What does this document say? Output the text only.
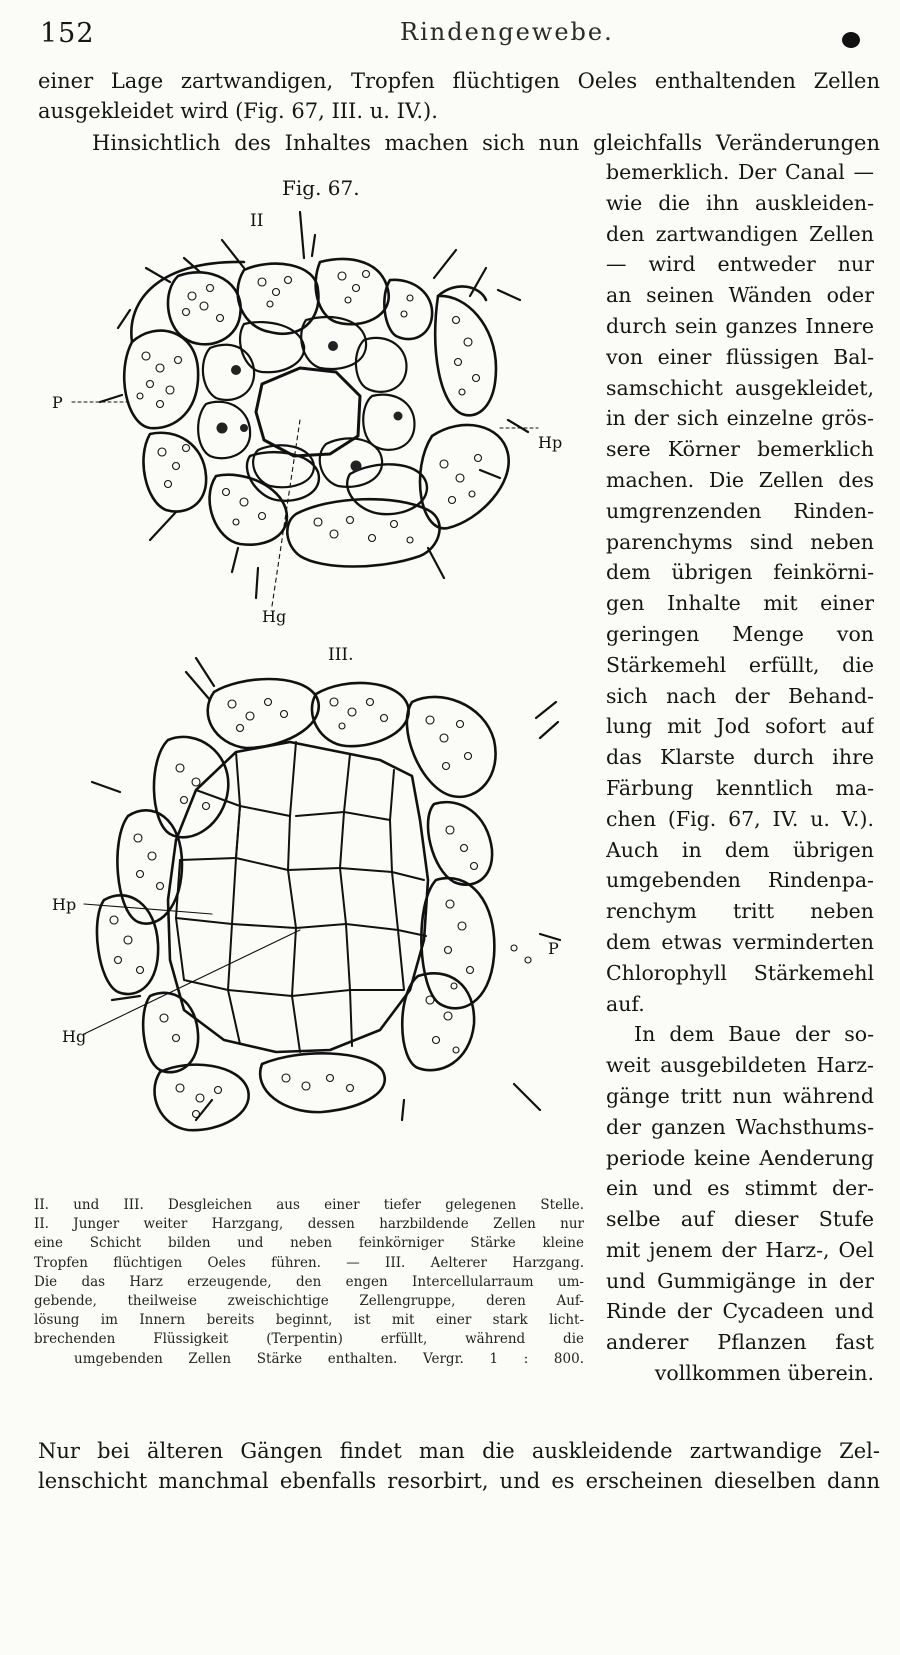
152	Rindengewebe.
einer Lage zartwandigen, Tropfen flüchtigen Oeles enthaltenden Zellen
ausgekleidet wird (Fig. 67, III. u. IV.).
Hinsichtlich des Inhaltes machen sich nun gleichfalls Veränderungen
Fig. 67.
II
P
Hp
Hg
III.
Hp
P
Hg
bemerklich. Der Canal —
wie die ihn auskleiden-
den zartwandigen Zellen
— wird entweder nur
an seinen Wänden oder
durch sein ganzes Innere
von einer flüssigen Bal-
samschicht ausgekleidet,
in der sich einzelne grös-
sere Körner bemerklich
machen. Die Zellen des
umgrenzenden Rinden-
parenchyms sind neben
dem übrigen feinkörni-
gen Inhalte mit einer
geringen Menge von
Stärkemehl erfüllt, die
sich nach der Behand-
lung mit Jod sofort auf
das Klarste durch ihre
Färbung kenntlich ma-
chen (Fig. 67, IV. u. V.).
Auch in dem übrigen
umgebenden Rindenpa-
renchym tritt neben
dem etwas verminderten
Chlorophyll Stärkemehl
auf.
In dem Baue der so-
weit ausgebildeten Harz-
gänge tritt nun während
der ganzen Wachsthums-
periode keine Aenderung
ein und es stimmt der-
selbe auf dieser Stufe
mit jenem der Harz-, Oel
und Gummigänge in der
Rinde der Cycadeen und
anderer Pflanzen fast
vollkommen überein.
II. und III. Desgleichen aus einer tiefer gelegenen Stelle.
II. Junger weiter Harzgang, dessen harzbildende Zellen nur
eine Schicht bilden und neben feinkörniger Stärke kleine
Tropfen flüchtigen Oeles führen. — III. Aelterer Harzgang.
Die das Harz erzeugende, den engen Intercellularraum um-
gebende, theilweise zweischichtige Zellengruppe, deren Auf-
lösung im Innern bereits beginnt, ist mit einer stark licht-
brechenden Flüssigkeit (Terpentin) erfüllt, während die
umgebenden Zellen Stärke enthalten. Vergr. 1 : 800.
Nur bei älteren Gängen findet man die auskleidende zartwandige Zel-
lenschicht manchmal ebenfalls resorbirt, und es erscheinen dieselben dann
